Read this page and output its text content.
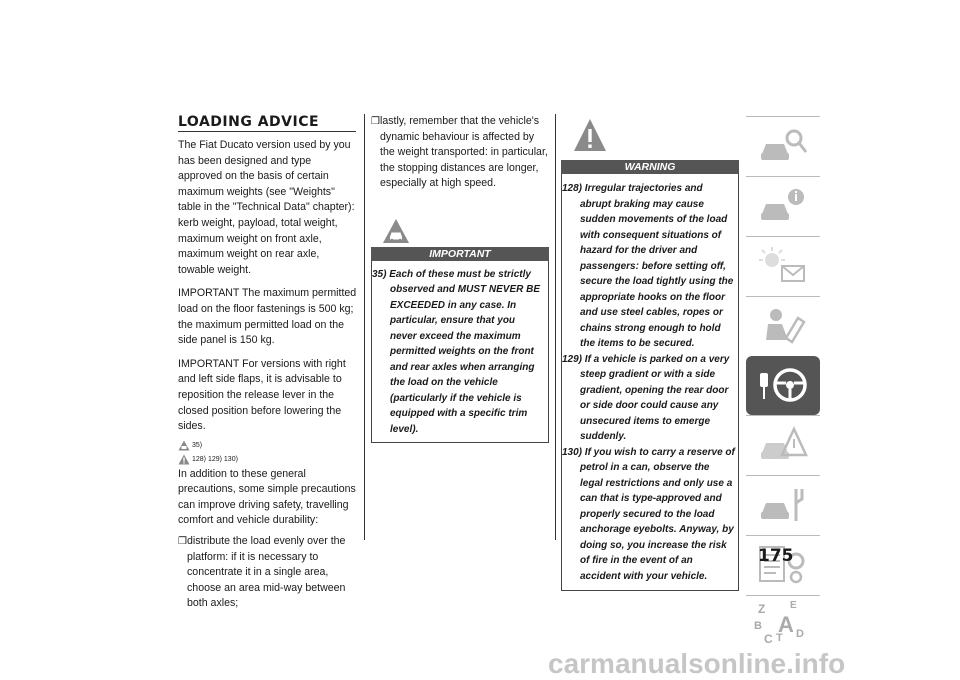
LOADING ADVICE

The Fiat Ducato version used by you has been designed and type approved on the basis of certain maximum weights (see "Weights" table in the "Technical Data" chapter): kerb weight, payload, total weight, maximum weight on front axle, maximum weight on rear axle, towable weight.

IMPORTANT The maximum permitted load on the floor fastenings is 500 kg; the maximum permitted load on the side panel is 150 kg.

IMPORTANT For versions with right and left side flaps, it is advisable to reposition the release lever in the closed position before lowering the sides.

35)
128) 129) 130)

In addition to these general precautions, some simple precautions can improve driving safety, travelling comfort and vehicle durability:

❒ distribute the load evenly over the platform: if it is necessary to concentrate it in a single area, choose an area mid-way between both axles;

❒ lastly, remember that the vehicle's dynamic behaviour is affected by the weight transported: in particular, the stopping distances are longer, especially at high speed.

IMPORTANT

35) Each of these must be strictly observed and MUST NEVER BE EXCEEDED in any case. In particular, ensure that you never exceed the maximum permitted weights on the front and rear axles when arranging the load on the vehicle (particularly if the vehicle is equipped with a specific trim level).

WARNING

128) Irregular trajectories and abrupt braking may cause sudden movements of the load with consequent situations of hazard for the driver and passengers: before setting off, secure the load tightly using the appropriate hooks on the floor and use steel cables, ropes or chains strong enough to hold the items to be secured.

129) If a vehicle is parked on a very steep gradient or with a side gradient, opening the rear door or side door could cause any unsecured items to emerge suddenly.

130) If you wish to carry a reserve of petrol in a can, observe the legal restrictions and only use a can that is type-approved and properly secured to the load anchorage eyebolts. Anyway, by doing so, you increase the risk of fire in the event of an accident with your vehicle.

Z E
B A
C T D
175
carmanualsonline.info
